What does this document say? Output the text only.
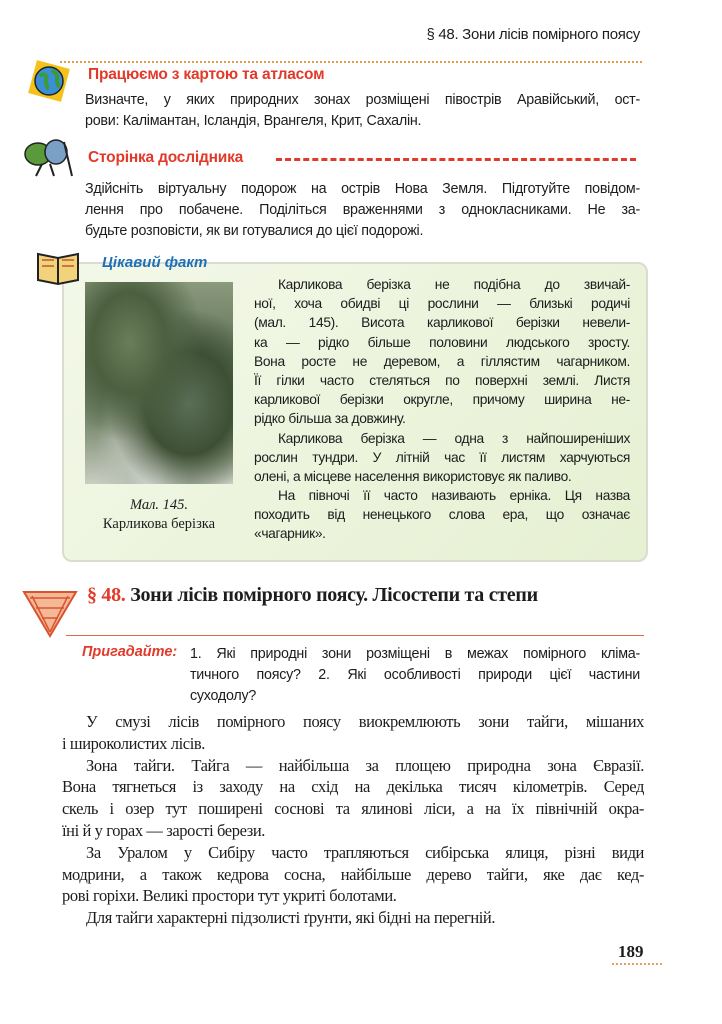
§ 48. Зони лісів помірного поясу
Працюємо з картою та атласом
Визначте, у яких природних зонах розміщені півострів Аравійський, ост-
рови: Калімантан, Ісландія, Врангеля, Крит, Сахалін.
Сторінка дослідника
Здійсніть віртуальну подорож на острів Нова Земля. Підготуйте повідом-
лення про побачене. Поділіться враженнями з однокласниками. Не за-
будьте розповісти, як ви готувалися до цієї подорожі.
Цікавий факт
Мал. 145.
Карликова берізка
Карликова берізка не подібна до звичай-
ної, хоча обидві ці рослини — близькі родичі
(мал. 145). Висота карликової берізки невели-
ка — рідко більше половини людського зросту.
Вона росте не деревом, а гіллястим чагарником.
Її гілки часто стеляться по поверхні землі. Листя
карликової берізки округле, причому ширина не-
рідко більша за довжину.
Карликова берізка — одна з найпоширеніших
рослин тундри. У літній час її листям харчуються
олені, а місцеве населення використовує як паливо.
На півночі її часто називають ерніка. Ця назва
походить від ненецького слова ера, що означає
«чагарник».
§ 48. Зони лісів помірного поясу. Лісостепи та степи
Пригадайте: 1. Які природні зони розміщені в межах помірного кліма-
тичного поясу? 2. Які особливості природи цієї частини
суходолу?
У смузі лісів помірного поясу виокремлюють зони тайги, мішаних
і широколистих лісів.
Зона тайги. Тайга — найбільша за площею природна зона Євразії.
Вона тягнеться із заходу на схід на декілька тисяч кілометрів. Серед
скель і озер тут поширені соснові та ялинові ліси, а на їх північній окра-
їні й у горах — зарості берези.
За Уралом у Сибіру часто трапляються сибірська ялиця, різні види
модрини, а також кедрова сосна, найбільше дерево тайги, яке дає кед-
рові горіхи. Великі простори тут укриті болотами.
Для тайги характерні підзолисті ґрунти, які бідні на перегній.
189
